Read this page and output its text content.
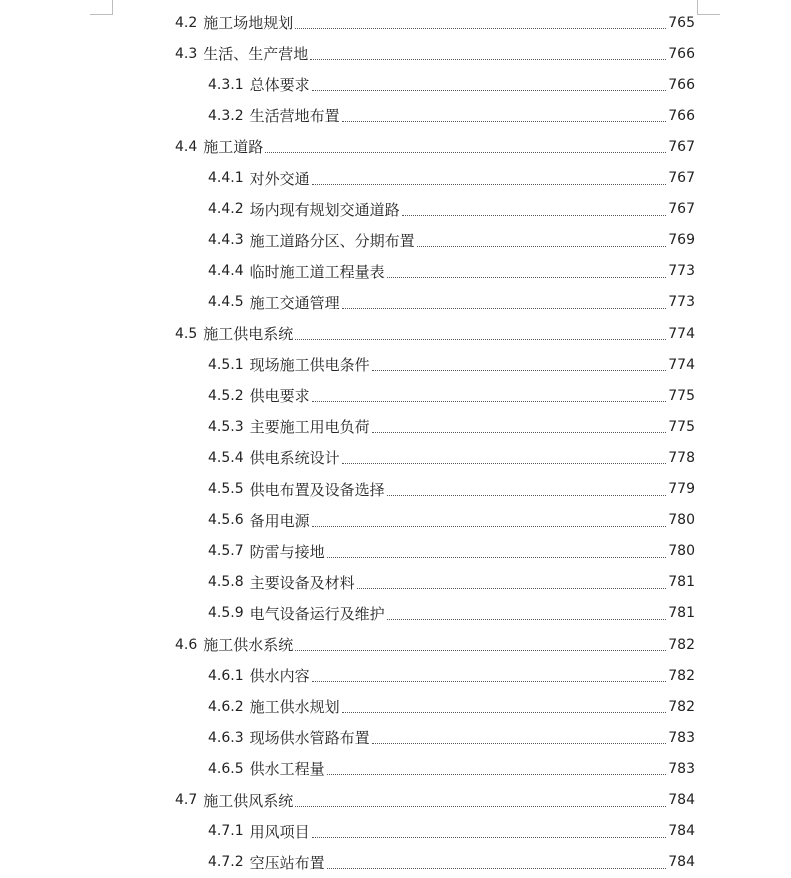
4.2 施工场地规划	765
4.3 生活、生产营地	766
4.3.1 总体要求	766
4.3.2 生活营地布置	766
4.4 施工道路	767
4.4.1 对外交通	767
4.4.2 场内现有规划交通道路	767
4.4.3 施工道路分区、分期布置	769
4.4.4 临时施工道工程量表	773
4.4.5 施工交通管理	773
4.5 施工供电系统	774
4.5.1 现场施工供电条件	774
4.5.2 供电要求	775
4.5.3 主要施工用电负荷	775
4.5.4 供电系统设计	778
4.5.5 供电布置及设备选择	779
4.5.6 备用电源	780
4.5.7 防雷与接地	780
4.5.8 主要设备及材料	781
4.5.9 电气设备运行及维护	781
4.6 施工供水系统	782
4.6.1 供水内容	782
4.6.2 施工供水规划	782
4.6.3 现场供水管路布置	783
4.6.5 供水工程量	783
4.7 施工供风系统	784
4.7.1 用风项目	784
4.7.2 空压站布置	784
